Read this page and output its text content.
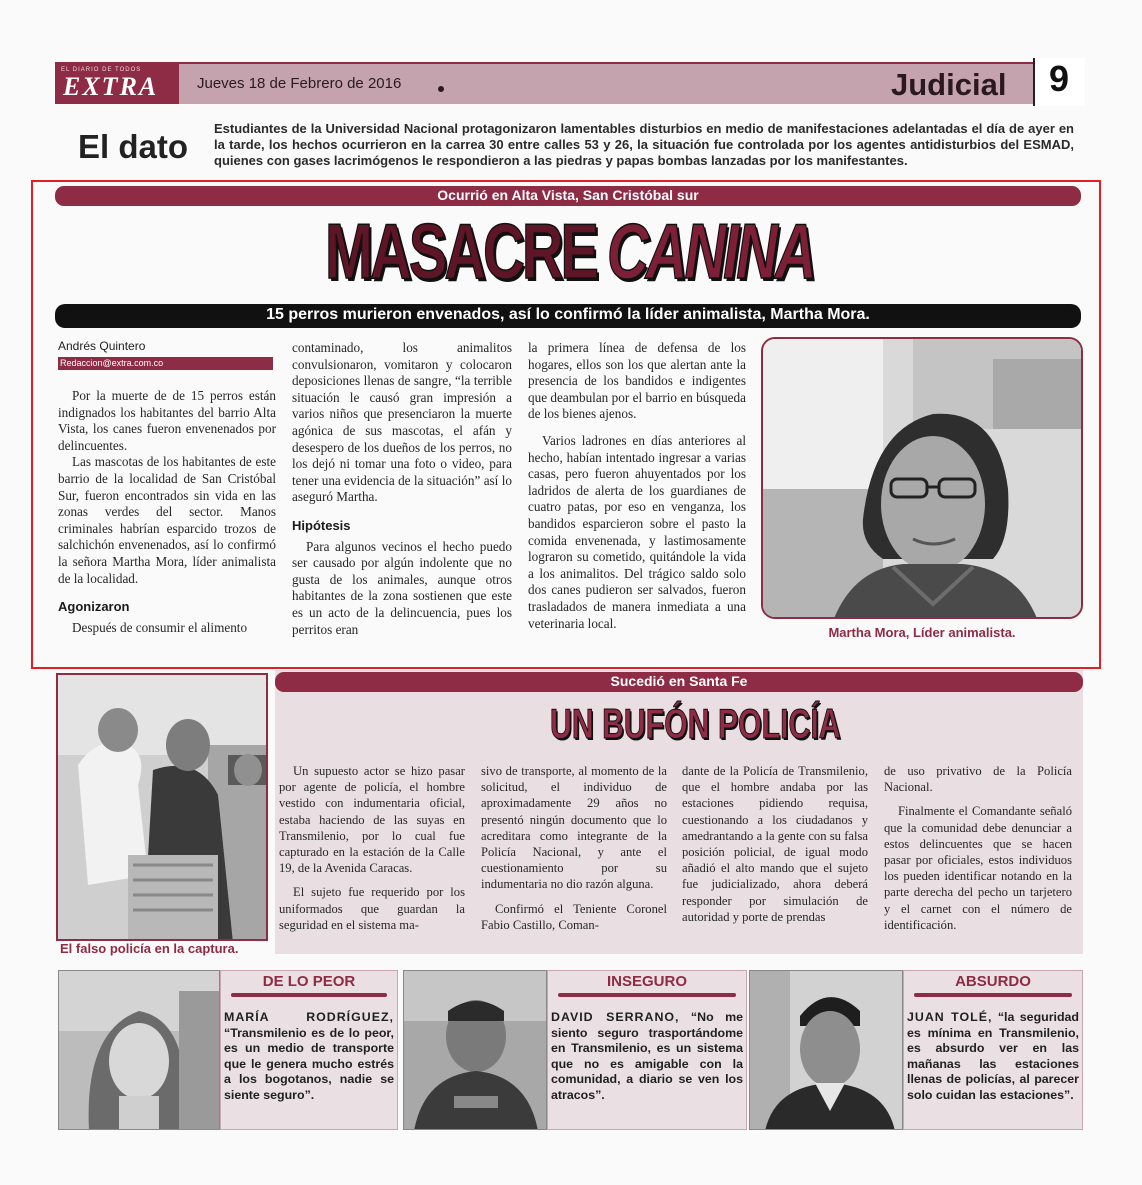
EL DIARIO DE TODOS
EXTRA	Jueves 18 de Febrero de 2016	Judicial 9
El dato Estudiantes de la Universidad Nacional protagonizaron lamentables disturbios en medio de manifestaciones adelantadas el día de ayer en la tarde, los hechos ocurrieron en la carrea 30 entre calles 53 y 26, la situación fue controlada por los agentes antidisturbios del ESMAD, quienes con gases lacrimógenos le respondieron a las piedras y papas bombas lanzadas por los manifestantes.
Ocurrió en Alta Vista, San Cristóbal sur
MASACRE CANINA
15 perros murieron envenados, así lo confirmó la líder animalista, Martha Mora.
Andrés Quintero
Redaccion@extra.com.co

Por la muerte de de 15 perros están indignados los habitantes del barrio Alta Vista, los canes fueron envenenados por delincuentes.

Las mascotas de los habitantes de este barrio de la localidad de San Cristóbal Sur, fueron encontrados sin vida en las zonas verdes del sector. Manos criminales habrían esparcido trozos de salchichón envenenados, así lo confirmó la señora Martha Mora, líder animalista de la localidad.

Agonizaron

Después de consumir el alimento

contaminado, los animalitos convulsionaron, vomitaron y colocaron deposiciones llenas de sangre, “la terrible situación le causó gran impresión a varios niños que presenciaron la muerte agónica de sus mascotas, el afán y desespero de los dueños de los perros, no los dejó ni tomar una foto o video, para tener una evidencia de la situación” así lo aseguró Martha.

Hipótesis

Para algunos vecinos el hecho puedo ser causado por algún indolente que no gusta de los animales, aunque otros habitantes de la zona sostienen que este es un acto de la delincuencia, pues los perritos eran

la primera línea de defensa de los hogares, ellos son los que alertan ante la presencia de los bandidos e indigentes que deambulan por el barrio en búsqueda de los bienes ajenos.

Varios ladrones en días anteriores al hecho, habían intentado ingresar a varias casas, pero fueron ahuyentados por los ladridos de alerta de los guardianes de cuatro patas, por eso en venganza, los bandidos esparcieron sobre el pasto la comida envenenada, y lastimosamente lograron su cometido, quitándole la vida a los animalitos. Del trágico saldo solo dos canes pudieron ser salvados, fueron trasladados de manera inmediata a una veterinaria local.

Martha Mora, Líder animalista.
Sucedió en Santa Fe
UN BUFÓN POLICÍA
El falso policía en la captura.

Un supuesto actor se hizo pasar por agente de policía, el hombre vestido con indumentaria oficial, estaba haciendo de las suyas en Transmilenio, por lo cual fue capturado en la estación de la Calle 19, de la Avenida Caracas.

El sujeto fue requerido por los uniformados que guardan la seguridad en el sistema ma-

sivo de transporte, al momento de la solicitud, el individuo de aproximadamente 29 años no presentó ningún documento que lo acreditara como integrante de la Policía Nacional, y ante el cuestionamiento por su indumentaria no dio razón alguna.

Confirmó el Teniente Coronel Fabio Castillo, Coman-

dante de la Policía de Transmilenio, que el hombre andaba por las estaciones pidiendo requisa, cuestionando a los ciudadanos y amedrantando a la gente con su falsa posición policial, de igual modo añadió el alto mando que el sujeto fue judicializado, ahora deberá responder por simulación de autoridad y porte de prendas

de uso privativo de la Policía Nacional.

Finalmente el Comandante señaló que la comunidad debe denunciar a estos delincuentes que se hacen pasar por oficiales, estos individuos los pueden identificar notando en la parte derecha del pecho un tarjetero y el carnet con el número de identificación.

DE LO PEOR
MARÍA RODRÍGUEZ, “Transmilenio es de lo peor, es un medio de transporte que le genera mucho estrés a los bogotanos, nadie se siente seguro”.
INSEGURO
DAVID SERRANO, “No me siento seguro trasportándome en Transmilenio, es un sistema que no es amigable con la comunidad, a diario se ven los atracos”.
ABSURDO
JUAN TOLÉ, “la seguridad es mínima en Transmilenio, es absurdo ver en las mañanas las estaciones llenas de policías, al parecer solo cuidan las estaciones”.
